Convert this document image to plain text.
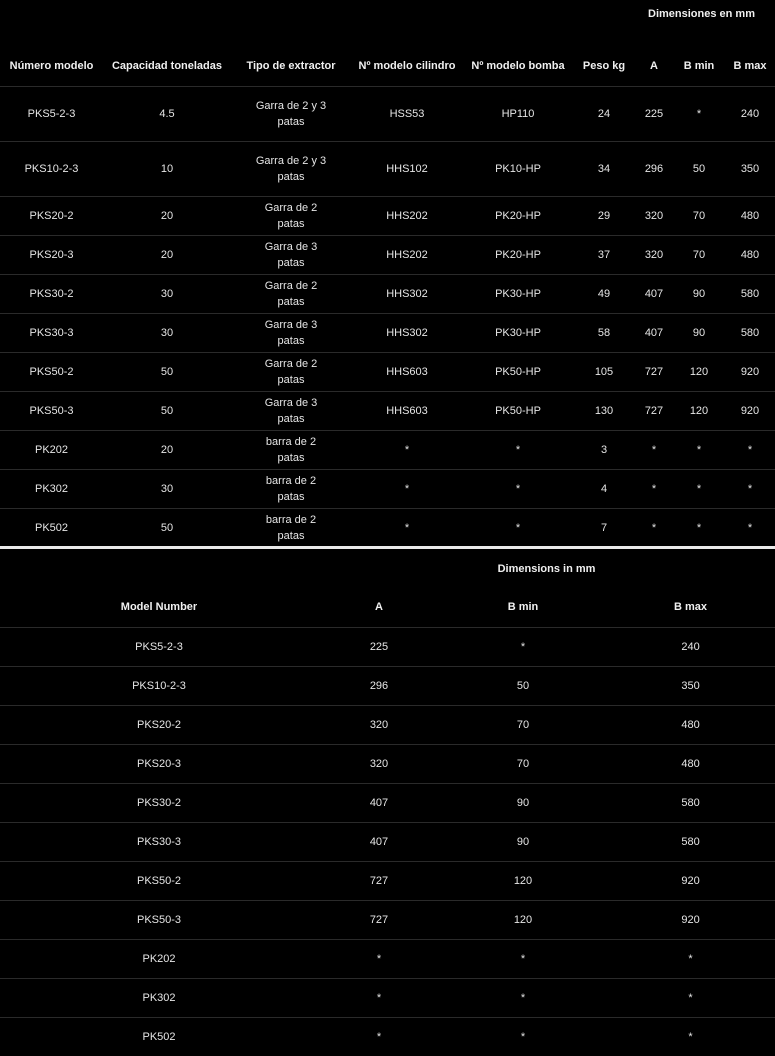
Dimensiones en mm								
Número modelo	Capacidad toneladas	Tipo de extractor	Nº modelo cilindro	Nº modelo bomba	Peso kg	A	B min	B max
PKS5-2-3	4.5	Garra de 2 y 3 patas	HSS53	HP110	24	225	*	240
PKS10-2-3	10	Garra de 2 y 3 patas	HHS102	PK10-HP	34	296	50	350
PKS20-2	20	Garra de 2 patas	HHS202	PK20-HP	29	320	70	480
PKS20-3	20	Garra de 3 patas	HHS202	PK20-HP	37	320	70	480
PKS30-2	30	Garra de 2 patas	HHS302	PK30-HP	49	407	90	580
PKS30-3	30	Garra de 3 patas	HHS302	PK30-HP	58	407	90	580
PKS50-2	50	Garra de 2 patas	HHS603	PK50-HP	105	727	120	920
PKS50-3	50	Garra de 3 patas	HHS603	PK50-HP	130	727	120	920
PK202	20	barra de 2 patas	*	*	3	*	*	*
PK302	30	barra de 2 patas	*	*	4	*	*	*
PK502	50	barra de 2 patas	*	*	7	*	*	*
	Dimensions in mm		
Model Number	A	B min	B max
PKS5-2-3	225	*	240
PKS10-2-3	296	50	350
PKS20-2	320	70	480
PKS20-3	320	70	480
PKS30-2	407	90	580
PKS30-3	407	90	580
PKS50-2	727	120	920
PKS50-3	727	120	920
PK202	*	*	*
PK302	*	*	*
PK502	*	*	*
